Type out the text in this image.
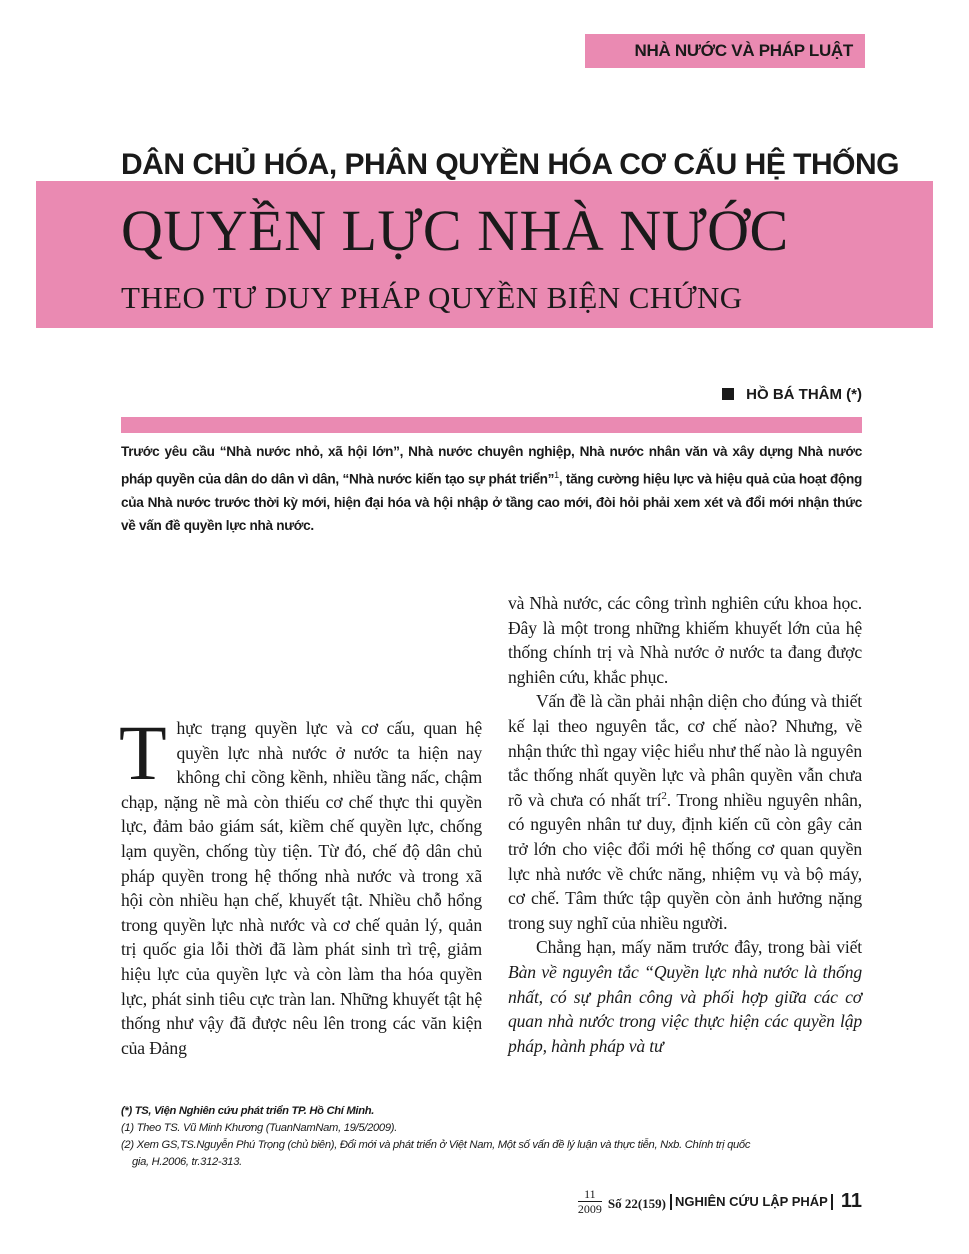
NHÀ NƯỚC VÀ PHÁP LUẬT
DÂN CHỦ HÓA, PHÂN QUYỀN HÓA CƠ CẤU HỆ THỐNG
QUYỀN LỰC NHÀ NƯỚC
THEO TƯ DUY PHÁP QUYỀN BIỆN CHỨNG
HỒ BÁ THÂM (*)
Trước yêu cầu “Nhà nước nhỏ, xã hội lớn”, Nhà nước chuyên nghiệp, Nhà nước nhân văn và xây dựng Nhà nước pháp quyền của dân do dân vì dân, “Nhà nước kiến tạo sự phát triển”$^1$, tăng cường hiệu lực và hiệu quả của hoạt động của Nhà nước trước thời kỳ mới, hiện đại hóa và hội nhập ở tầng cao mới, đòi hỏi phải xem xét và đổi mới nhận thức về vấn đề quyền lực nhà nước.

Thực trạng quyền lực và cơ cấu, quan hệ quyền lực nhà nước ở nước ta hiện nay không chỉ cồng kềnh, nhiều tầng nấc, chậm chạp, nặng nề mà còn thiếu cơ chế thực thi quyền lực, đảm bảo giám sát, kiềm chế quyền lực, chống lạm quyền, chống tùy tiện. Từ đó, chế độ dân chủ pháp quyền trong hệ thống nhà nước và trong xã hội còn nhiều hạn chế, khuyết tật. Nhiều chỗ hổng trong quyền lực nhà nước và cơ chế quản lý, quản trị quốc gia lỗi thời đã làm phát sinh trì trệ, giảm hiệu lực của quyền lực và còn làm tha hóa quyền lực, phát sinh tiêu cực tràn lan. Những khuyết tật hệ thống như vậy đã được nêu lên trong các văn kiện của Đảng

và Nhà nước, các công trình nghiên cứu khoa học. Đây là một trong những khiếm khuyết lớn của hệ thống chính trị và Nhà nước ở nước ta đang được nghiên cứu, khắc phục.

Vấn đề là cần phải nhận diện cho đúng và thiết kế lại theo nguyên tắc, cơ chế nào? Nhưng, về nhận thức thì ngay việc hiểu như thế nào là nguyên tắc thống nhất quyền lực và phân quyền vẫn chưa rõ và chưa có nhất trí$^2$. Trong nhiều nguyên nhân, có nguyên nhân tư duy, định kiến cũ còn gây cản trở lớn cho việc đổi mới hệ thống cơ quan quyền lực nhà nước về chức năng, nhiệm vụ và bộ máy, cơ chế. Tâm thức tập quyền còn ảnh hưởng nặng trong suy nghĩ của nhiều người.

Chẳng hạn, mấy năm trước đây, trong bài viết Bàn về nguyên tắc “Quyền lực nhà nước là thống nhất, có sự phân công và phối hợp giữa các cơ quan nhà nước trong việc thực hiện các quyền lập pháp, hành pháp và tư

(*) TS, Viện Nghiên cứu phát triển TP. Hồ Chí Minh.

(1) Theo TS. Vũ Minh Khương (TuanNamNam, 19/5/2009).

(2) Xem GS,TS.Nguyễn Phú Trọng (chủ biên), Đổi mới và phát triển ở Việt Nam, Một số vấn đề lý luận và thực tiễn, Nxb. Chính trị quốc

gia, H.2006, tr.312-313.

$\frac{11}{2009}$ Số 22(159) NGHIÊN CỨU LẬP PHÁP 11
